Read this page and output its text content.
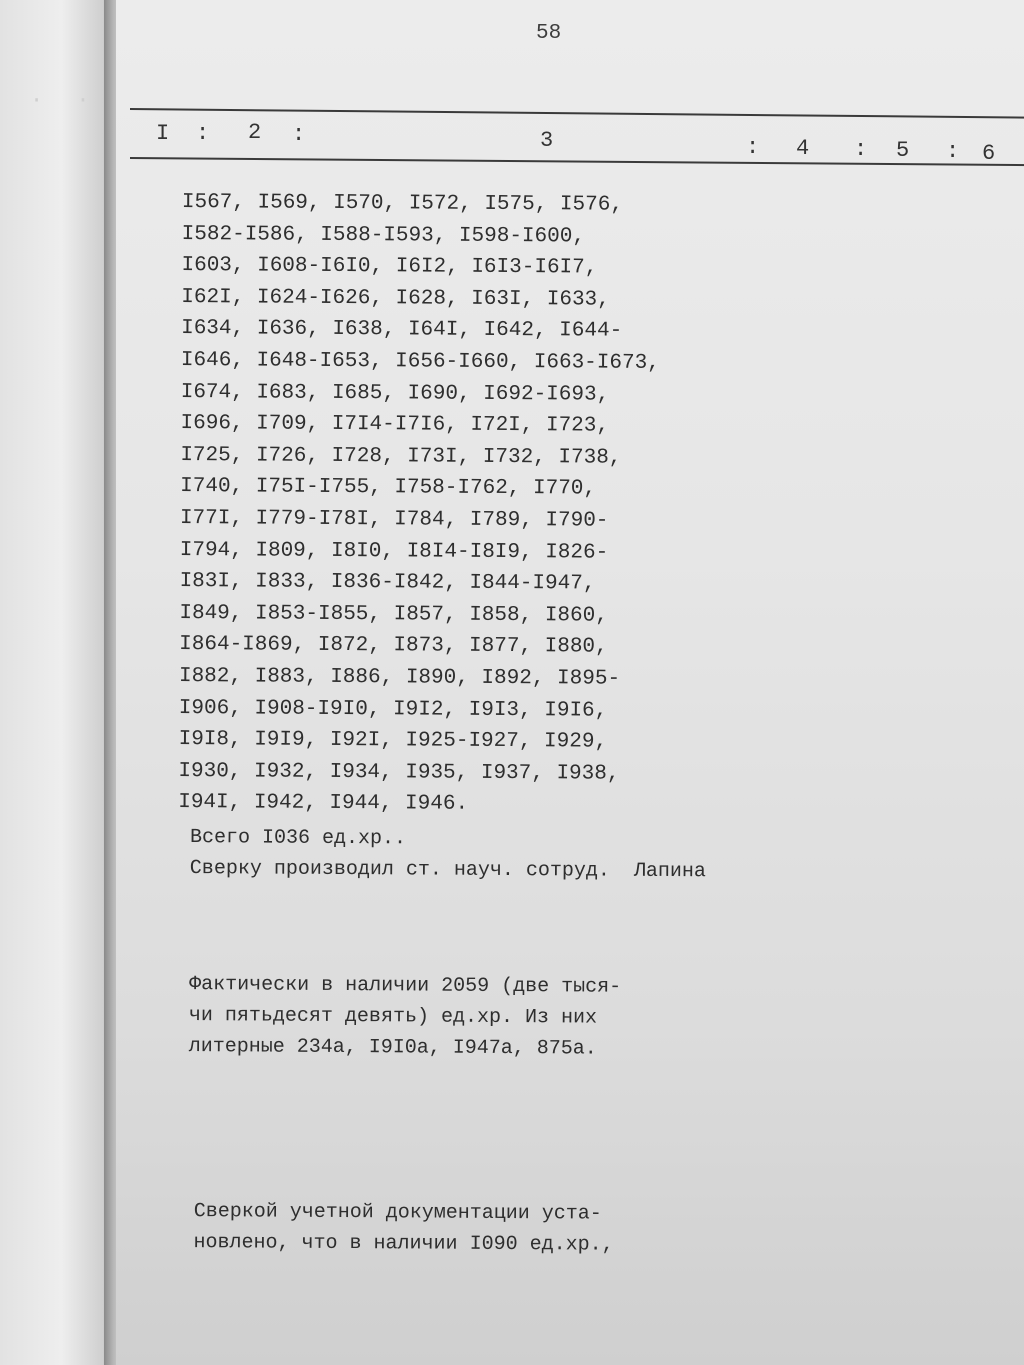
· ·
58
I : 2 :	3	: 4 : 5 : 6
I567, I569, I570, I572, I575, I576,
I582-I586, I588-I593, I598-I600,
I603, I608-I6I0, I6I2, I6I3-I6I7,
I62I, I624-I626, I628, I63I, I633,
I634, I636, I638, I64I, I642, I644-
I646, I648-I653, I656-I660, I663-I673,
I674, I683, I685, I690, I692-I693,
I696, I709, I7I4-I7I6, I72I, I723,
I725, I726, I728, I73I, I732, I738,
I740, I75I-I755, I758-I762, I770,
I77I, I779-I78I, I784, I789, I790-
I794, I809, I8I0, I8I4-I8I9, I826-
I83I, I833, I836-I842, I844-I947,
I849, I853-I855, I857, I858, I860,
I864-I869, I872, I873, I877, I880,
I882, I883, I886, I890, I892, I895-
I906, I908-I9I0, I9I2, I9I3, I9I6,
I9I8, I9I9, I92I, I925-I927, I929,
I930, I932, I934, I935, I937, I938,
I94I, I942, I944, I946.
Всего I036 ед.хр..
Сверку производил ст. науч. сотруд.  Лапина
Фактически в наличии 2059 (две тыся-
чи пятьдесят девять) ед.хр. Из них
литерные 234а, I9I0а, I947а, 875а.
Сверкой учетной документации уста-
новлено, что в наличии I090 ед.хр.,
